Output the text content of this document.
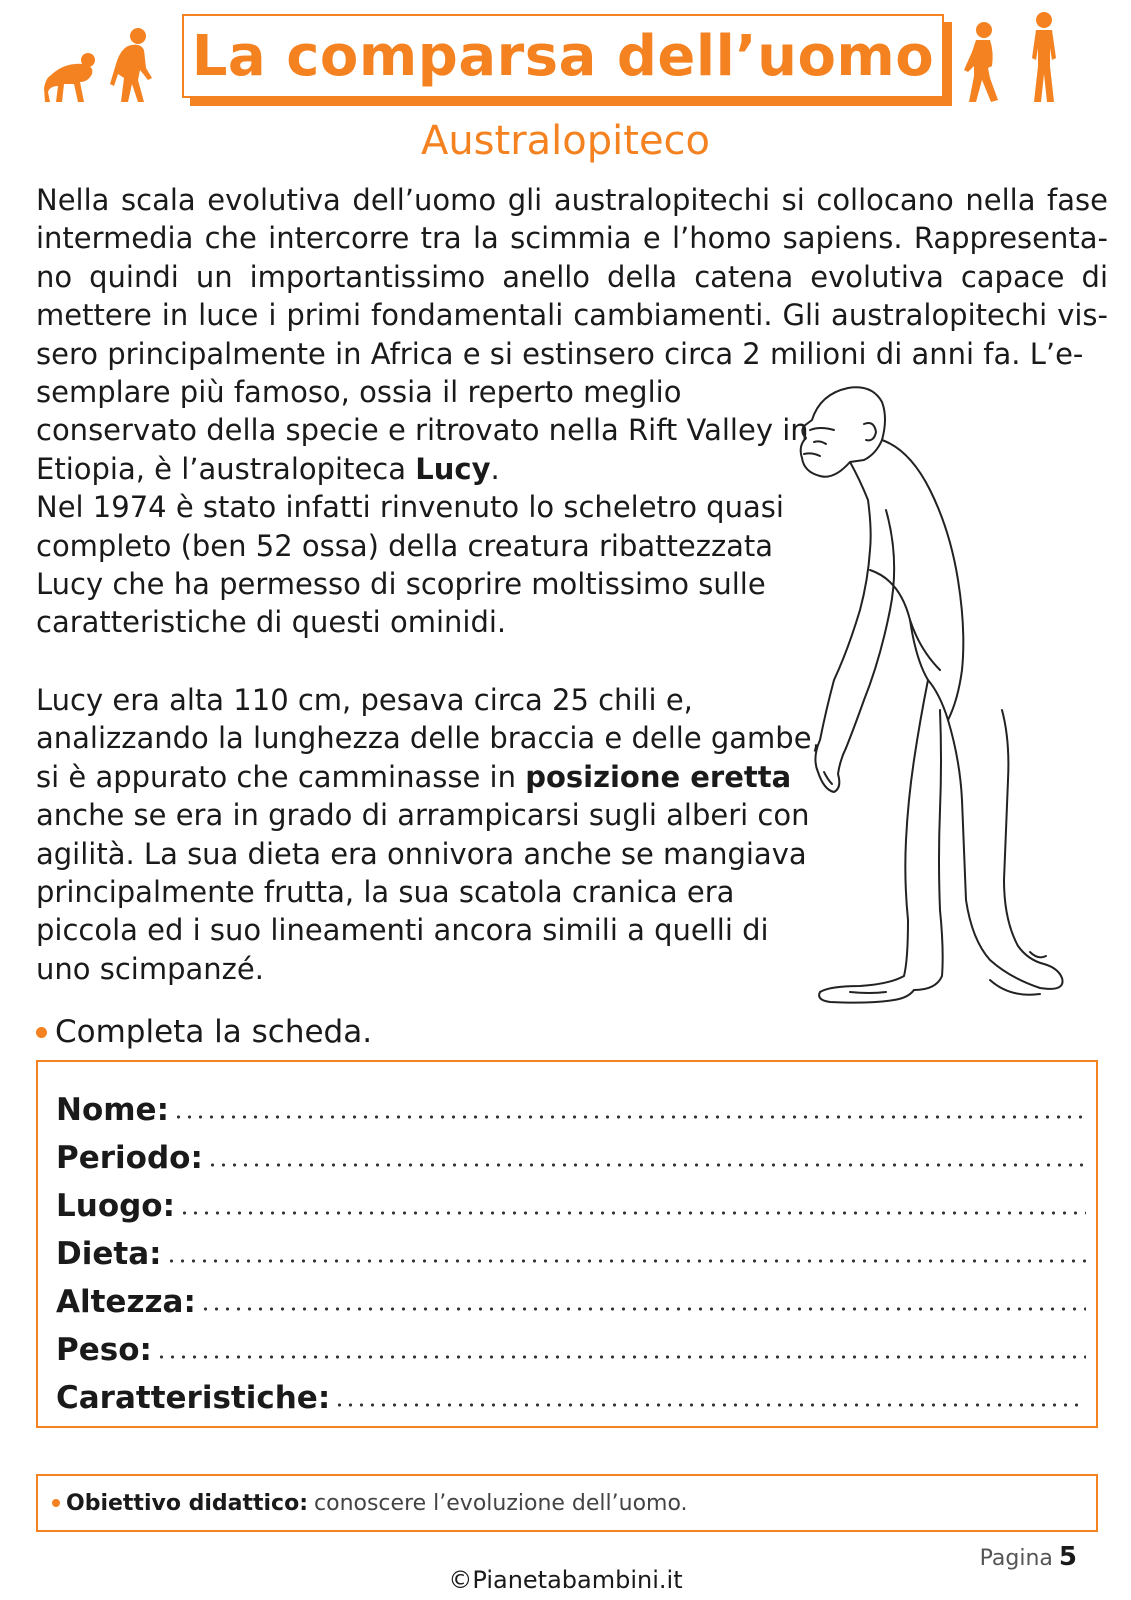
La comparsa dell’uomo
Australopiteco

Nella scala evolutiva dell’uomo gli australopitechi si collocano nella fase intermedia che intercorre tra la scimmia e l’homo sapiens. Rappresenta-no quindi un importantissimo anello della catena evolutiva capace di mettere in luce i primi fondamentali cambiamenti. Gli australopitechi vis-sero principalmente in Africa e si estinsero circa 2 milioni di anni fa. L’e-

semplare più famoso, ossia il reperto meglio conservato della specie e ritrovato nella Rift Valley in Etiopia, è l’australopiteca Lucy.
Nel 1974 è stato infatti rinvenuto lo scheletro quasi completo (ben 52 ossa) della creatura ribattezzata Lucy che ha permesso di scoprire moltissimo sulle caratteristiche di questi ominidi.

Lucy era alta 110 cm, pesava circa 25 chili e, analizzando la lunghezza delle braccia e delle gambe, si è appurato che camminasse in posizione eretta anche se era in grado di arrampicarsi sugli alberi con agilità. La sua dieta era onnivora anche se mangiava principalmente frutta, la sua scatola cranica era piccola ed i suo lineamenti ancora simili a quelli di uno scimpanzé.

Completa la scheda.
Nome:
Periodo:
Luogo:
Dieta:
Altezza:
Peso:
Caratteristiche:
Obiettivo didattico: conoscere l’evoluzione dell’uomo.
Pagina 5
©Pianetabambini.it
